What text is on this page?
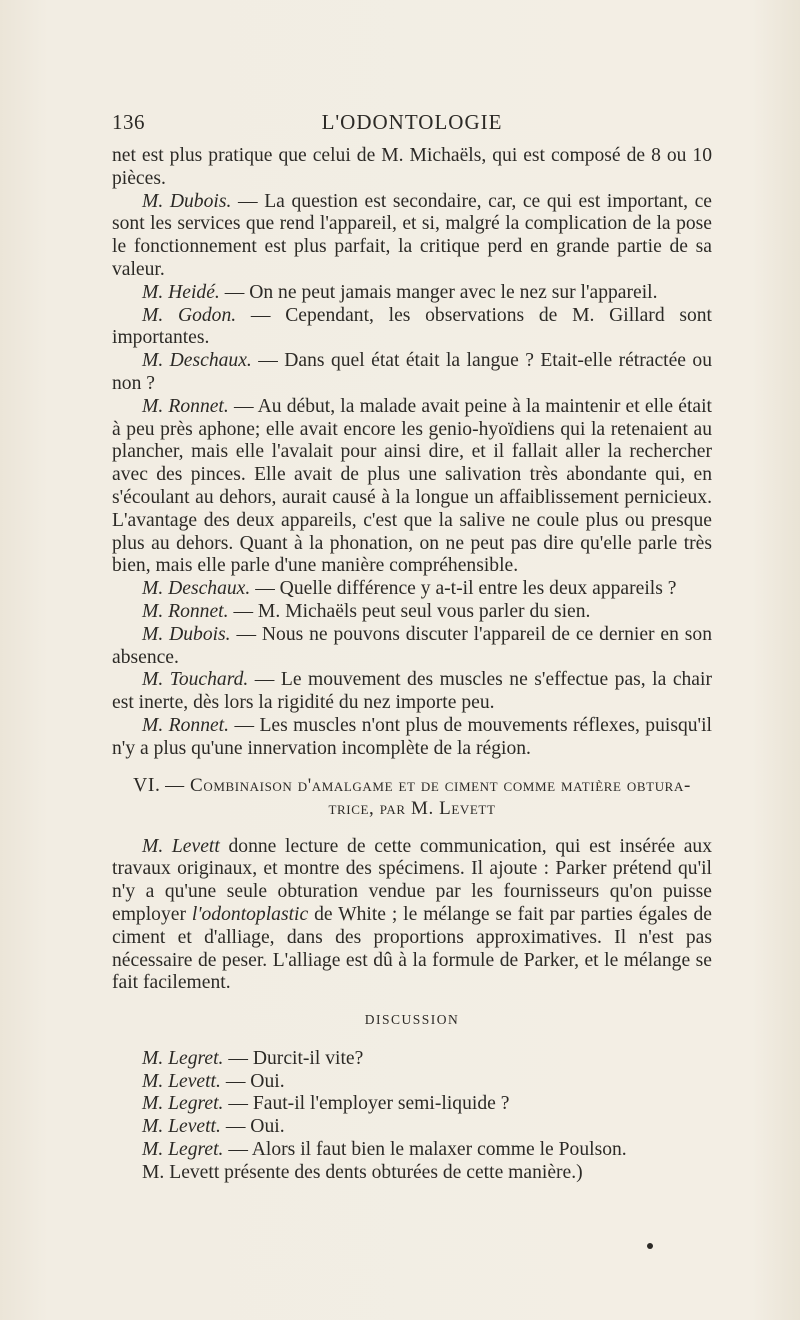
136	L'ODONTOLOGIE

net est plus pratique que celui de M. Michaëls, qui est composé de 8 ou 10 pièces.

M. Dubois. — La question est secondaire, car, ce qui est important, ce sont les services que rend l'appareil, et si, malgré la complication de la pose le fonctionnement est plus parfait, la critique perd en grande partie de sa valeur.

M. Heidé. — On ne peut jamais manger avec le nez sur l'appareil.

M. Godon. — Cependant, les observations de M. Gillard sont importantes.

M. Deschaux. — Dans quel état était la langue ? Etait-elle rétractée ou non ?

M. Ronnet. — Au début, la malade avait peine à la maintenir et elle était à peu près aphone; elle avait encore les genio-hyoïdiens qui la retenaient au plancher, mais elle l'avalait pour ainsi dire, et il fallait aller la rechercher avec des pinces. Elle avait de plus une salivation très abondante qui, en s'écoulant au dehors, aurait causé à la longue un affaiblissement pernicieux. L'avantage des deux appareils, c'est que la salive ne coule plus ou presque plus au dehors. Quant à la phonation, on ne peut pas dire qu'elle parle très bien, mais elle parle d'une manière compréhensible.

M. Deschaux. — Quelle différence y a-t-il entre les deux appareils ?

M. Ronnet. — M. Michaëls peut seul vous parler du sien.

M. Dubois. — Nous ne pouvons discuter l'appareil de ce dernier en son absence.

M. Touchard. — Le mouvement des muscles ne s'effectue pas, la chair est inerte, dès lors la rigidité du nez importe peu.

M. Ronnet. — Les muscles n'ont plus de mouvements réflexes, puisqu'il n'y a plus qu'une innervation incomplète de la région.

VI. — Combinaison d'amalgame et de ciment comme matière obtura-
trice, par M. Levett

M. Levett donne lecture de cette communication, qui est insérée aux travaux originaux, et montre des spécimens. Il ajoute : Parker prétend qu'il n'y a qu'une seule obturation vendue par les fournisseurs qu'on puisse employer l'odontoplastic de White ; le mélange se fait par parties égales de ciment et d'alliage, dans des proportions approximatives. Il n'est pas nécessaire de peser. L'alliage est dû à la formule de Parker, et le mélange se fait facilement.

DISCUSSION

M. Legret. — Durcit-il vite?

M. Levett. — Oui.

M. Legret. — Faut-il l'employer semi-liquide ?

M. Levett. — Oui.

M. Legret. — Alors il faut bien le malaxer comme le Poulson.

M. Levett présente des dents obturées de cette manière.)
